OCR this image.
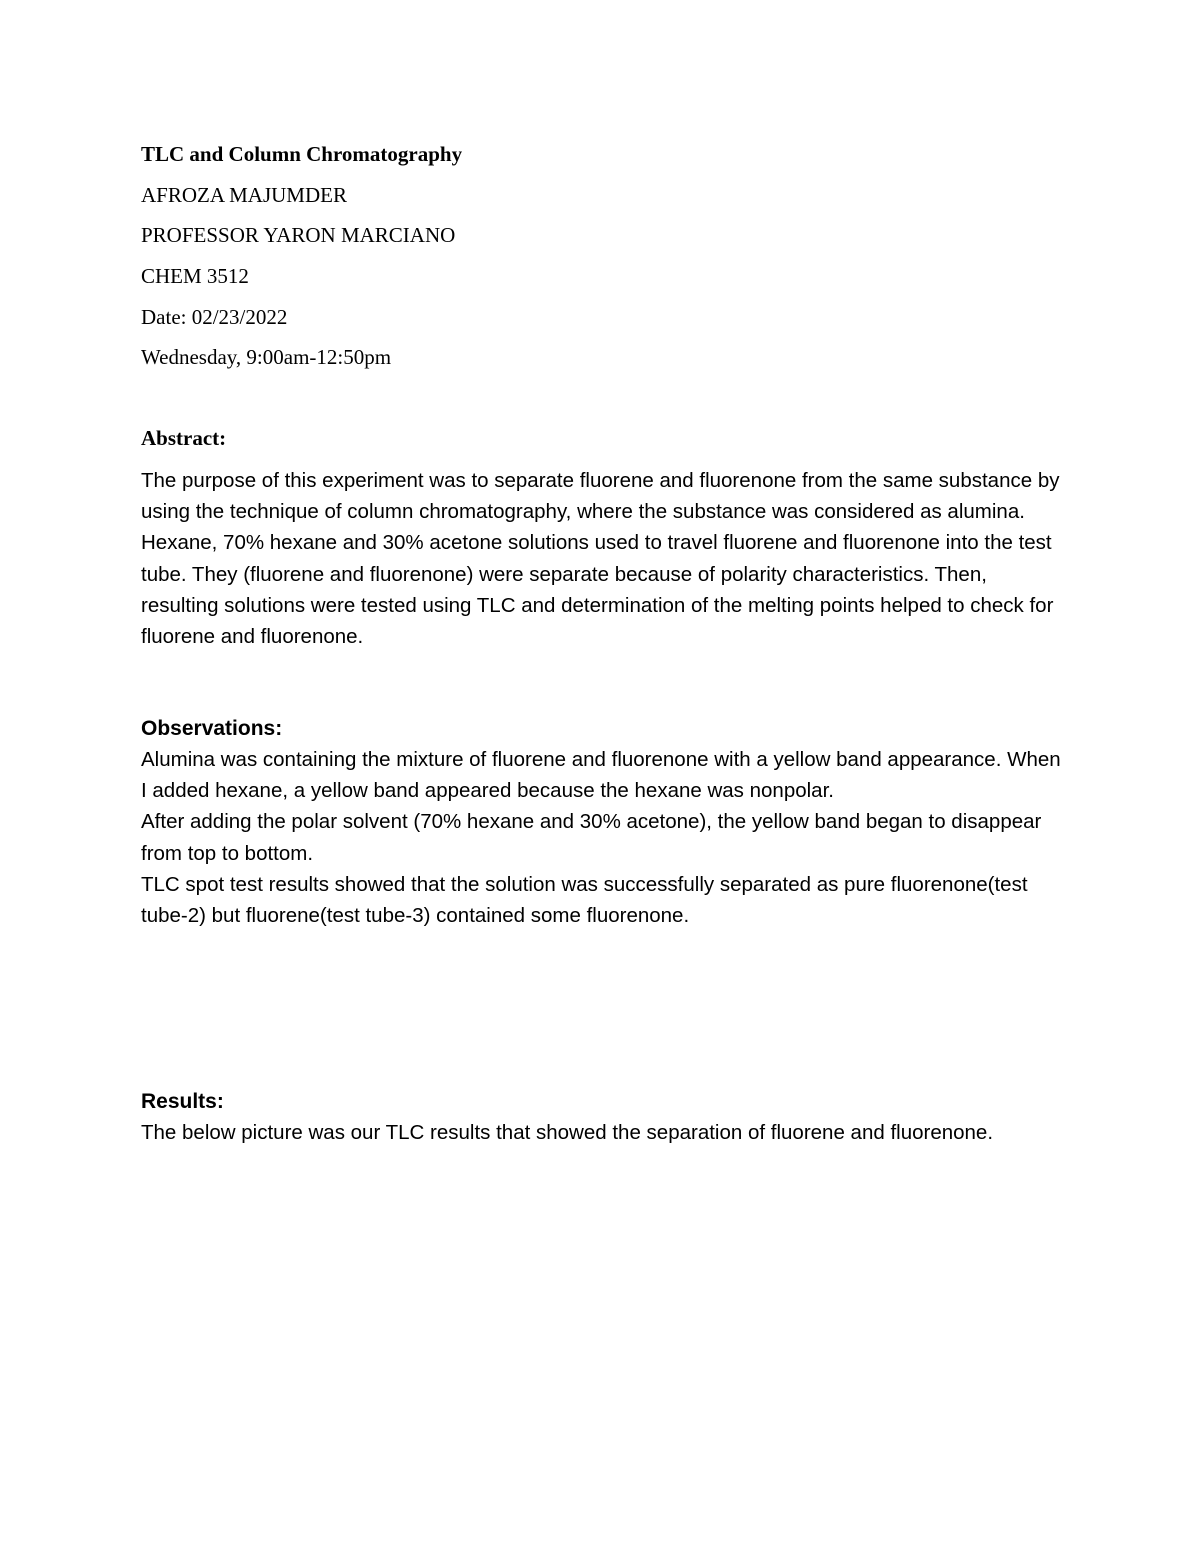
TLC and Column Chromatography

AFROZA MAJUMDER

PROFESSOR YARON MARCIANO

CHEM 3512

Date: 02/23/2022

Wednesday, 9:00am-12:50pm

Abstract:

The purpose of this experiment was to separate fluorene and fluorenone from the same substance by using the technique of column chromatography, where the substance was considered as alumina. Hexane, 70% hexane and 30% acetone solutions used to travel fluorene and fluorenone into the test tube. They (fluorene and fluorenone) were separate because of polarity characteristics. Then, resulting solutions were tested using TLC and determination of the melting points helped to check for fluorene and fluorenone.

Observations:

Alumina was containing the mixture of fluorene and fluorenone with a yellow band appearance. When I added hexane, a yellow band appeared because the hexane was nonpolar.

After adding the polar solvent (70% hexane and 30% acetone), the yellow band began to disappear from top to bottom.

TLC spot test results showed that the solution was successfully separated as pure fluorenone(test tube-2) but fluorene(test tube-3) contained some fluorenone.

Results:

The below picture was our TLC results that showed the separation of fluorene and fluorenone.
